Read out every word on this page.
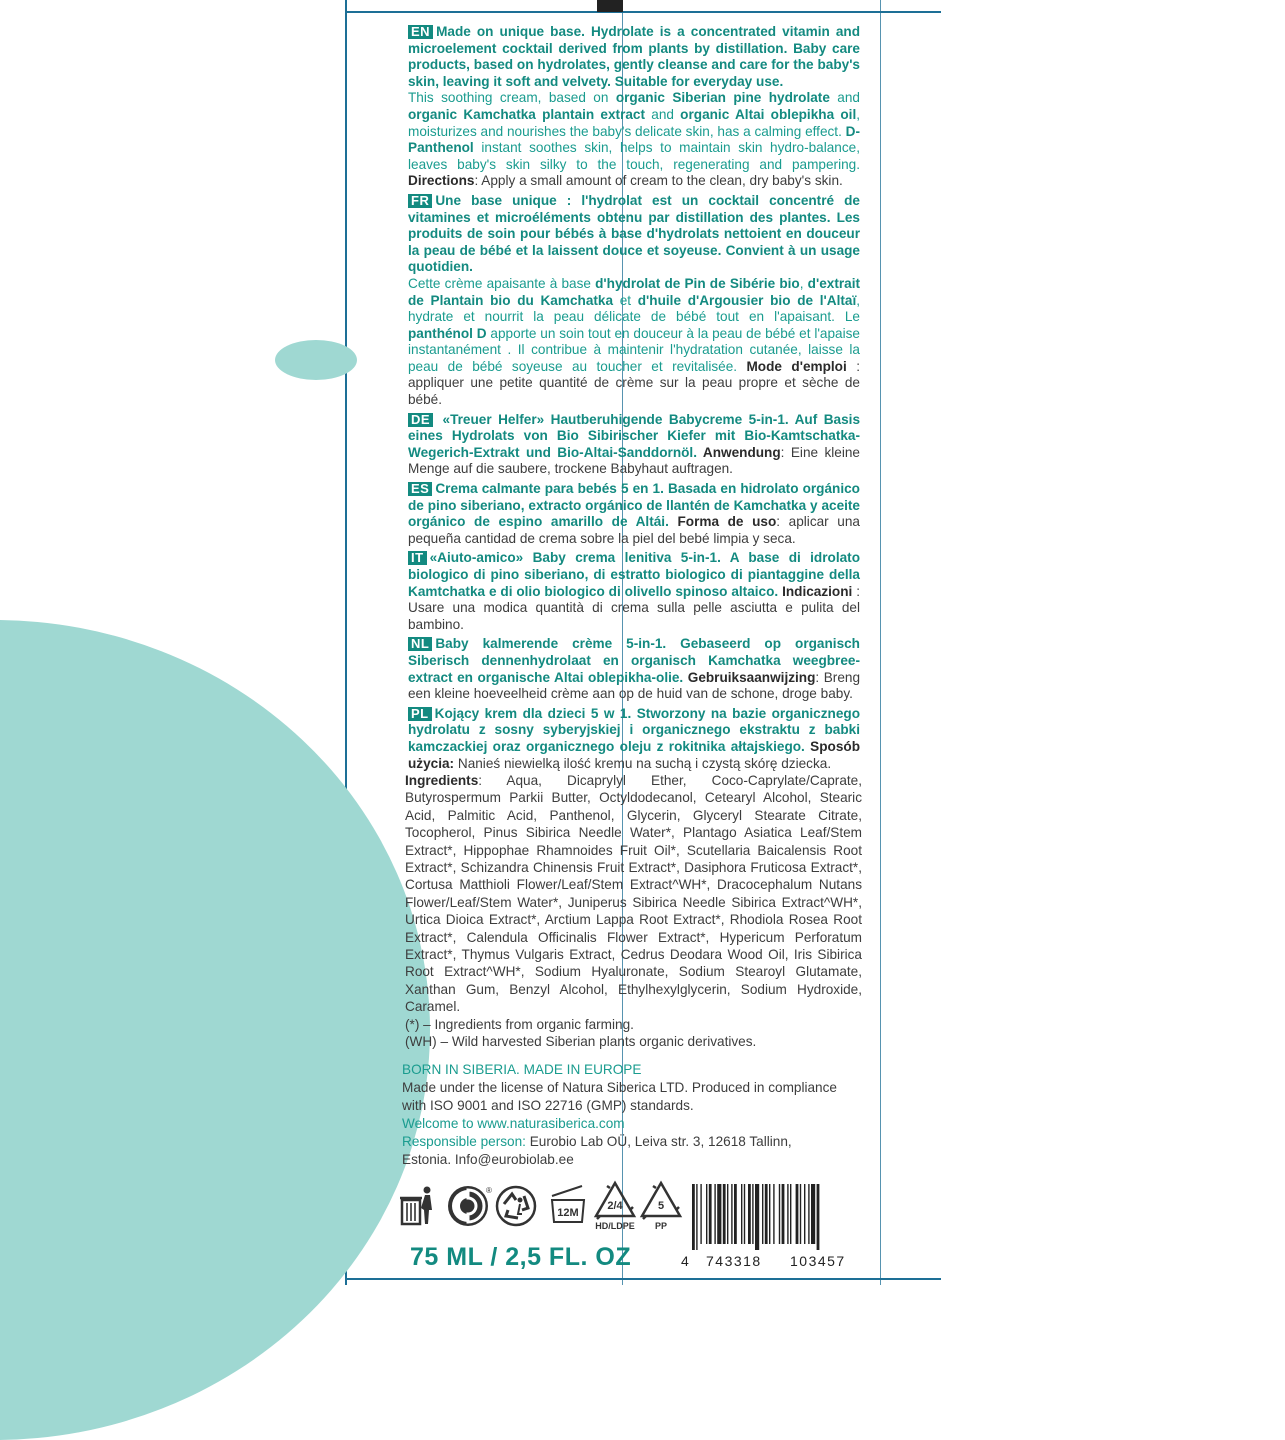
EN Made on unique base. Hydrolate is a concentrated vitamin and microelement cocktail derived from plants by distillation. Baby care products, based on hydrolates, gently cleanse and care for the baby's skin, leaving it soft and velvety. Suitable for everyday use.
This soothing cream, based on organic Siberian pine hydrolate and organic Kamchatka plantain extract and organic Altai oblepikha oil, moisturizes and nourishes the baby's delicate skin, has a calming effect. D-Panthenol instant soothes skin, helps to maintain skin hydro-balance, leaves baby's skin silky to the touch, regenerating and pampering. Directions: Apply a small amount of cream to the clean, dry baby's skin.
FR Une base unique : l'hydrolat est un cocktail concentré de vitamines et microéléments obtenu par distillation des plantes. Les produits de soin pour bébés à base d'hydrolats nettoient en douceur la peau de bébé et la laissent douce et soyeuse. Convient à un usage quotidien.
Cette crème apaisante à base d'hydrolat de Pin de Sibérie bio, d'extrait de Plantain bio du Kamchatka et d'huile d'Argousier bio de l'Altaï, hydrate et nourrit la peau délicate de bébé tout en l'apaisant. Le panthénol D apporte un soin tout en douceur à la peau de bébé et l'apaise instantanément . Il contribue à maintenir l'hydratation cutanée, laisse la peau de bébé soyeuse au toucher et revitalisée. Mode d'emploi : appliquer une petite quantité de crème sur la peau propre et sèche de bébé.
DE «Treuer Helfer» Hautberuhigende Babycreme 5-in-1. Auf Basis eines Hydrolats von Bio Sibirischer Kiefer mit Bio-Kamtschatka-Wegerich-Extrakt und Bio-Altai-Sanddornöl. Anwendung: Eine kleine Menge auf die saubere, trockene Babyhaut auftragen.
ES Crema calmante para bebés 5 en 1. Basada en hidrolato orgánico de pino siberiano, extracto orgánico de llantén de Kamchatka y aceite orgánico de espino amarillo de Altái. Forma de uso: aplicar una pequeña cantidad de crema sobre la piel del bebé limpia y seca.
IT «Aiuto-amico» Baby crema lenitiva 5-in-1. A base di idrolato biologico di pino siberiano, di estratto biologico di piantaggine della Kamtchatka e di olio biologico di olivello spinoso altaico. Indicazioni : Usare una modica quantità di crema sulla pelle asciutta e pulita del bambino.
NL Baby kalmerende crème 5-in-1. Gebaseerd op organisch Siberisch dennenhydrolaat en organisch Kamchatka weegbree-extract en organische Altai oblepikha-olie. Gebruiksaanwijzing: Breng een kleine hoeveelheid crème aan op de huid van de schone, droge baby.
PL Kojący krem dla dzieci 5 w 1. Stworzony na bazie organicznego hydrolatu z sosny syberyjskiej i organicznego ekstraktu z babki kamczackiej oraz organicznego oleju z rokitnika ałtajskiego. Sposób użycia: Nanieś niewielką ilość kremu na suchą i czystą skórę dziecka.
Ingredients: Aqua, Dicaprylyl Ether, Coco-Caprylate/Caprate, Butyrospermum Parkii Butter, Octyldodecanol, Cetearyl Alcohol, Stearic Acid, Palmitic Acid, Panthenol, Glycerin, Glyceryl Stearate Citrate, Tocopherol, Pinus Sibirica Needle Water*, Plantago Asiatica Leaf/Stem Extract*, Hippophae Rhamnoides Fruit Oil*, Scutellaria Baicalensis Root Extract*, Schizandra Chinensis Fruit Extract*, Dasiphora Fruticosa Extract*, Cortusa Matthioli Flower/Leaf/Stem Extract^WH*, Dracocephalum Nutans Flower/Leaf/Stem Water*, Juniperus Sibirica Needle Sibirica Extract^WH*, Urtica Dioica Extract*, Arctium Lappa Root Extract*, Rhodiola Rosea Root Extract*, Calendula Officinalis Flower Extract*, Hypericum Perforatum Extract*, Thymus Vulgaris Extract, Cedrus Deodara Wood Oil, Iris Sibirica Root Extract^WH*, Sodium Hyaluronate, Sodium Stearoyl Glutamate, Xanthan Gum, Benzyl Alcohol, Ethylhexylglycerin, Sodium Hydroxide, Caramel.
(*) – Ingredients from organic farming.
(WH) – Wild harvested Siberian plants organic derivatives.
BORN IN SIBERIA. MADE IN EUROPE
Made under the license of Natura Siberica LTD. Produced in compliance with ISO 9001 and ISO 22716 (GMP) standards.
Welcome to www.naturasiberica.com
Responsible person: Eurobio Lab OÜ, Leiva str. 3, 12618 Tallinn, Estonia. Info@eurobiolab.ee
®
12M
2/4
HD/LDPE
5
PP
75 ML / 2,5 FL. OZ	4 743318 103457
